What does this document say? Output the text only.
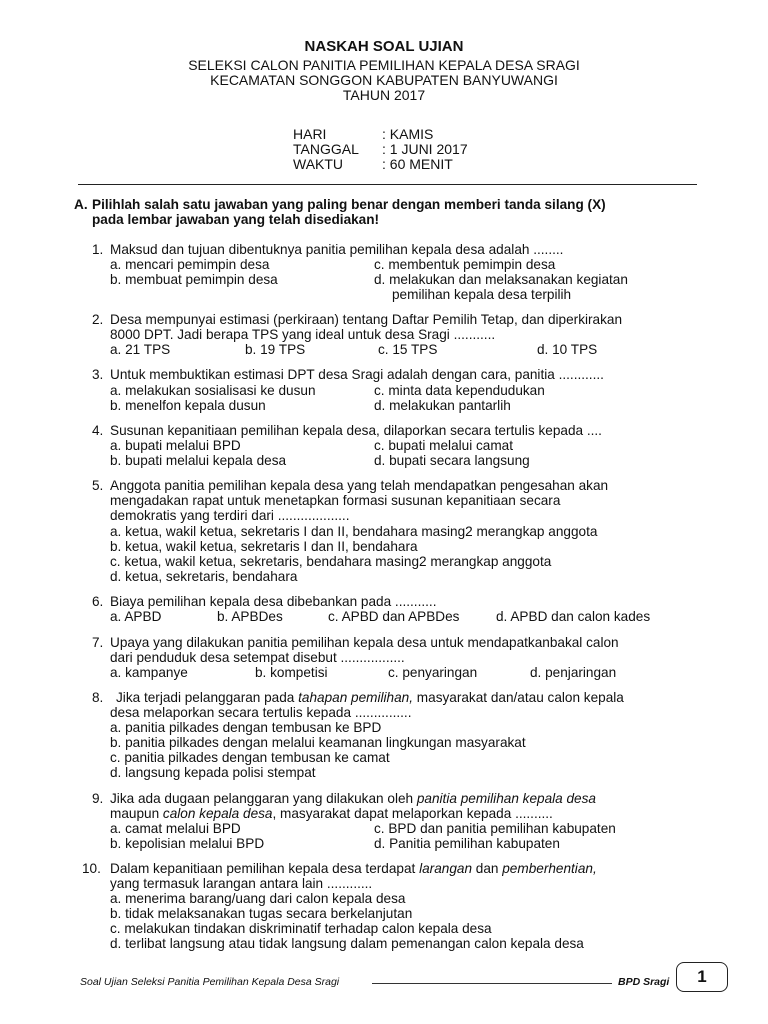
NASKAH SOAL UJIAN
SELEKSI CALON PANITIA PEMILIHAN KEPALA DESA SRAGI
KECAMATAN SONGGON KABUPATEN BANYUWANGI
TAHUN 2017
HARI	: KAMIS
TANGGAL : 1 JUNI 2017
WAKTU	: 60 MENIT
A. Pilihlah salah satu jawaban yang paling benar dengan memberi tanda silang (X)
pada lembar jawaban yang telah disediakan!
1. Maksud dan tujuan dibentuknya panitia pemilihan kepala desa adalah ........
a. mencari pemimpin desa
b. membuat pemimpin desa
c. membentuk pemimpin desa
d. melakukan dan melaksanakan kegiatan
pemilihan kepala desa terpilih
2. Desa mempunyai estimasi (perkiraan) tentang Daftar Pemilih Tetap, dan diperkirakan
8000 DPT. Jadi berapa TPS yang ideal untuk desa Sragi ...........
a. 21 TPS	b. 19 TPS	c. 15 TPS	d. 10 TPS
3. Untuk membuktikan estimasi DPT desa Sragi adalah dengan cara, panitia ............
a. melakukan sosialisasi ke dusun
b. menelfon kepala dusun
c. minta data kependudukan
d. melakukan pantarlih
4. Susunan kepanitiaan pemilihan kepala desa, dilaporkan secara tertulis kepada ....
a. bupati melalui BPD
b. bupati melalui kepala desa
c. bupati melalui camat
d. bupati secara langsung
5. Anggota panitia pemilihan kepala desa yang telah mendapatkan pengesahan akan
mengadakan rapat untuk menetapkan formasi susunan kepanitiaan secara
demokratis yang terdiri dari ...................
a. ketua, wakil ketua, sekretaris I dan II, bendahara masing2 merangkap anggota
b. ketua, wakil ketua, sekretaris I dan II, bendahara
c. ketua, wakil ketua, sekretaris, bendahara masing2 merangkap anggota
d. ketua, sekretaris, bendahara
6. Biaya pemilihan kepala desa dibebankan pada ...........
a. APBD	b. APBDes	c. APBD dan APBDes	d. APBD dan calon kades
7. Upaya yang dilakukan panitia pemilihan kepala desa untuk mendapatkanbakal calon
dari penduduk desa setempat disebut .................
a. kampanye	b. kompetisi	c. penyaringan	d. penjaringan
8. Jika terjadi pelanggaran pada tahapan pemilihan, masyarakat dan/atau calon kepala
desa melaporkan secara tertulis kepada ...............
a. panitia pilkades dengan tembusan ke BPD
b. panitia pilkades dengan melalui keamanan lingkungan masyarakat
c. panitia pilkades dengan tembusan ke camat
d. langsung kepada polisi stempat
9. Jika ada dugaan pelanggaran yang dilakukan oleh panitia pemilihan kepala desa
maupun calon kepala desa, masyarakat dapat melaporkan kepada ..........
a. camat melalui BPD
b. kepolisian melalui BPD
c. BPD dan panitia pemilihan kabupaten
d. Panitia pemilihan kabupaten
10. Dalam kepanitiaan pemilihan kepala desa terdapat larangan dan pemberhentian,
yang termasuk larangan antara lain ............
a. menerima barang/uang dari calon kepala desa
b. tidak melaksanakan tugas secara berkelanjutan
c. melakukan tindakan diskriminatif terhadap calon kepala desa
d. terlibat langsung atau tidak langsung dalam pemenangan calon kepala desa
Soal Ujian Seleksi Panitia Pemilihan Kepala Desa Sragi	BPD Sragi	1
